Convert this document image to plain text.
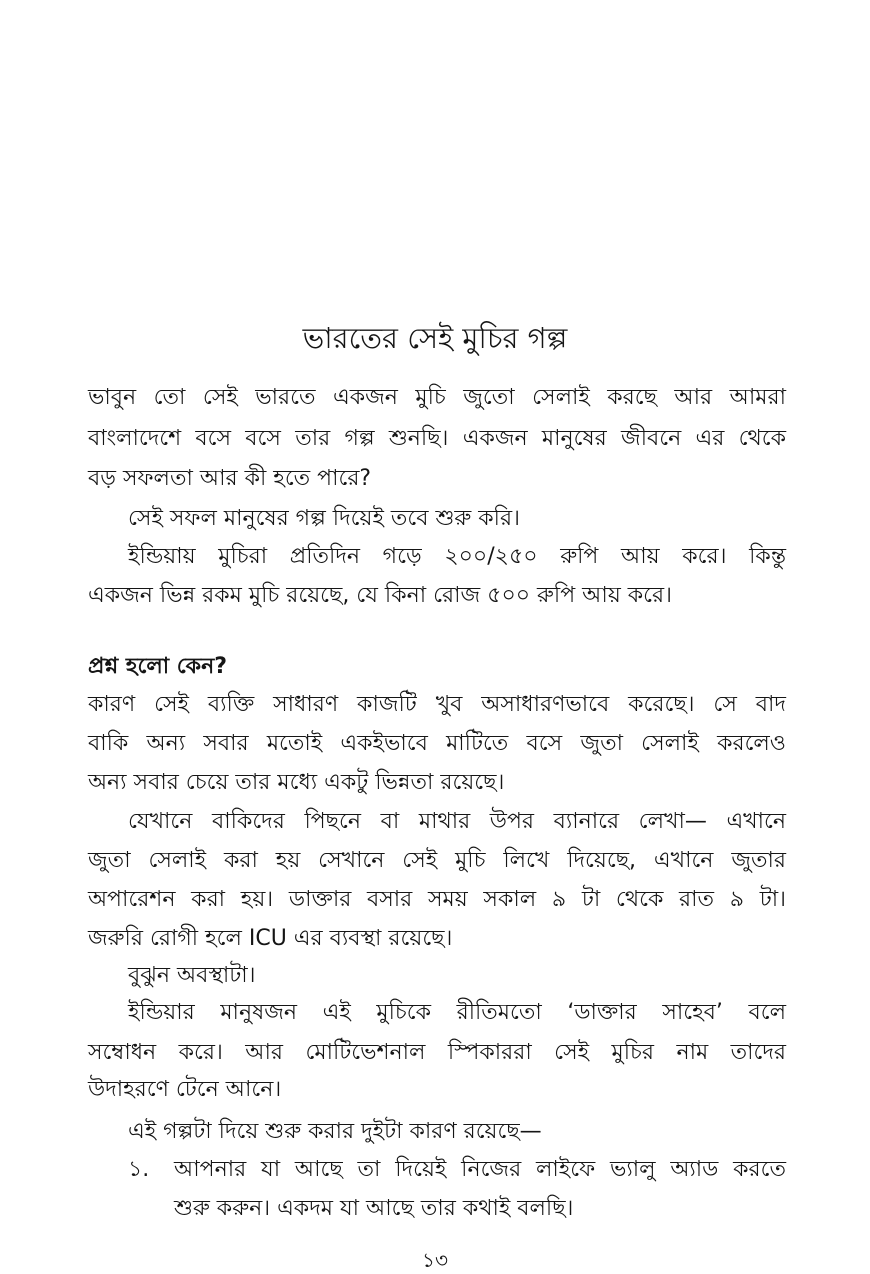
ভারতের সেই মুচির গল্প
ভাবুন তো সেই ভারতে একজন মুচি জুতো সেলাই করছে আর আমরা
বাংলাদেশে বসে বসে তার গল্প শুনছি। একজন মানুষের জীবনে এর থেকে
বড় সফলতা আর কী হতে পারে?
সেই সফল মানুষের গল্প দিয়েই তবে শুরু করি।
ইন্ডিয়ায় মুচিরা প্রতিদিন গড়ে ২০০/২৫০ রুপি আয় করে। কিন্তু
একজন ভিন্ন রকম মুচি রয়েছে, যে কিনা রোজ ৫০০ রুপি আয় করে।
প্রশ্ন হলো কেন?
কারণ সেই ব্যক্তি সাধারণ কাজটি খুব অসাধারণভাবে করেছে। সে বাদ
বাকি অন্য সবার মতোই একইভাবে মাটিতে বসে জুতা সেলাই করলেও
অন্য সবার চেয়ে তার মধ্যে একটু ভিন্নতা রয়েছে।
যেখানে বাকিদের পিছনে বা মাথার উপর ব্যানারে লেখা— এখানে
জুতা সেলাই করা হয় সেখানে সেই মুচি লিখে দিয়েছে, এখানে জুতার
অপারেশন করা হয়। ডাক্তার বসার সময় সকাল ৯ টা থেকে রাত ৯ টা।
জরুরি রোগী হলে ICU এর ব্যবস্থা রয়েছে।
বুঝুন অবস্থাটা।
ইন্ডিয়ার মানুষজন এই মুচিকে রীতিমতো ‘ডাক্তার সাহেব’ বলে
সম্বোধন করে। আর মোটিভেশনাল স্পিকাররা সেই মুচির নাম তাদের
উদাহরণে টেনে আনে।
এই গল্পটা দিয়ে শুরু করার দুইটা কারণ রয়েছে—
১.	আপনার যা আছে তা দিয়েই নিজের লাইফে ভ্যালু অ্যাড করতে
শুরু করুন। একদম যা আছে তার কথাই বলছি।
১৩
